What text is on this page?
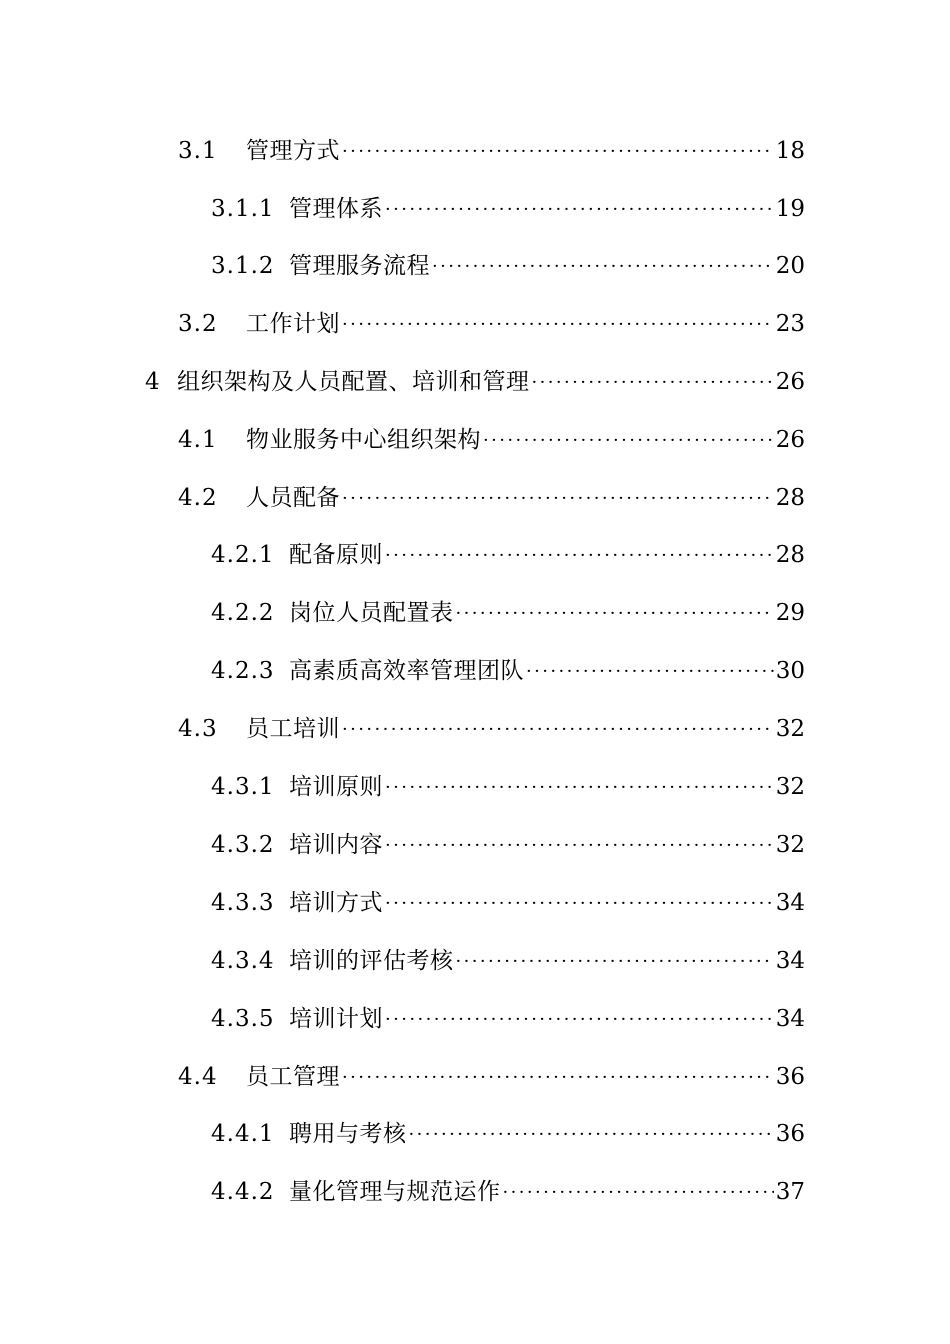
3.1	管理方式 ·····	18
3.1.1 管理体系 ·····	19
3.1.2 管理服务流程 ·····	20
3.2	工作计划 ·····	23
4 组织架构及人员配置、培训和管理 ·····	26
4.1	物业服务中心组织架构 ·····	26
4.2	人员配备 ·····	28
4.2.1 配备原则 ·····	28
4.2.2 岗位人员配置表 ·····	29
4.2.3 高素质高效率管理团队 ·····	30
4.3	员工培训 ·····	32
4.3.1 培训原则 ·····	32
4.3.2 培训内容 ·····	32
4.3.3 培训方式 ·····	34
4.3.4 培训的评估考核 ·····	34
4.3.5 培训计划 ·····	34
4.4	员工管理 ·····	36
4.4.1 聘用与考核 ·····	36
4.4.2 量化管理与规范运作 ·····	37
